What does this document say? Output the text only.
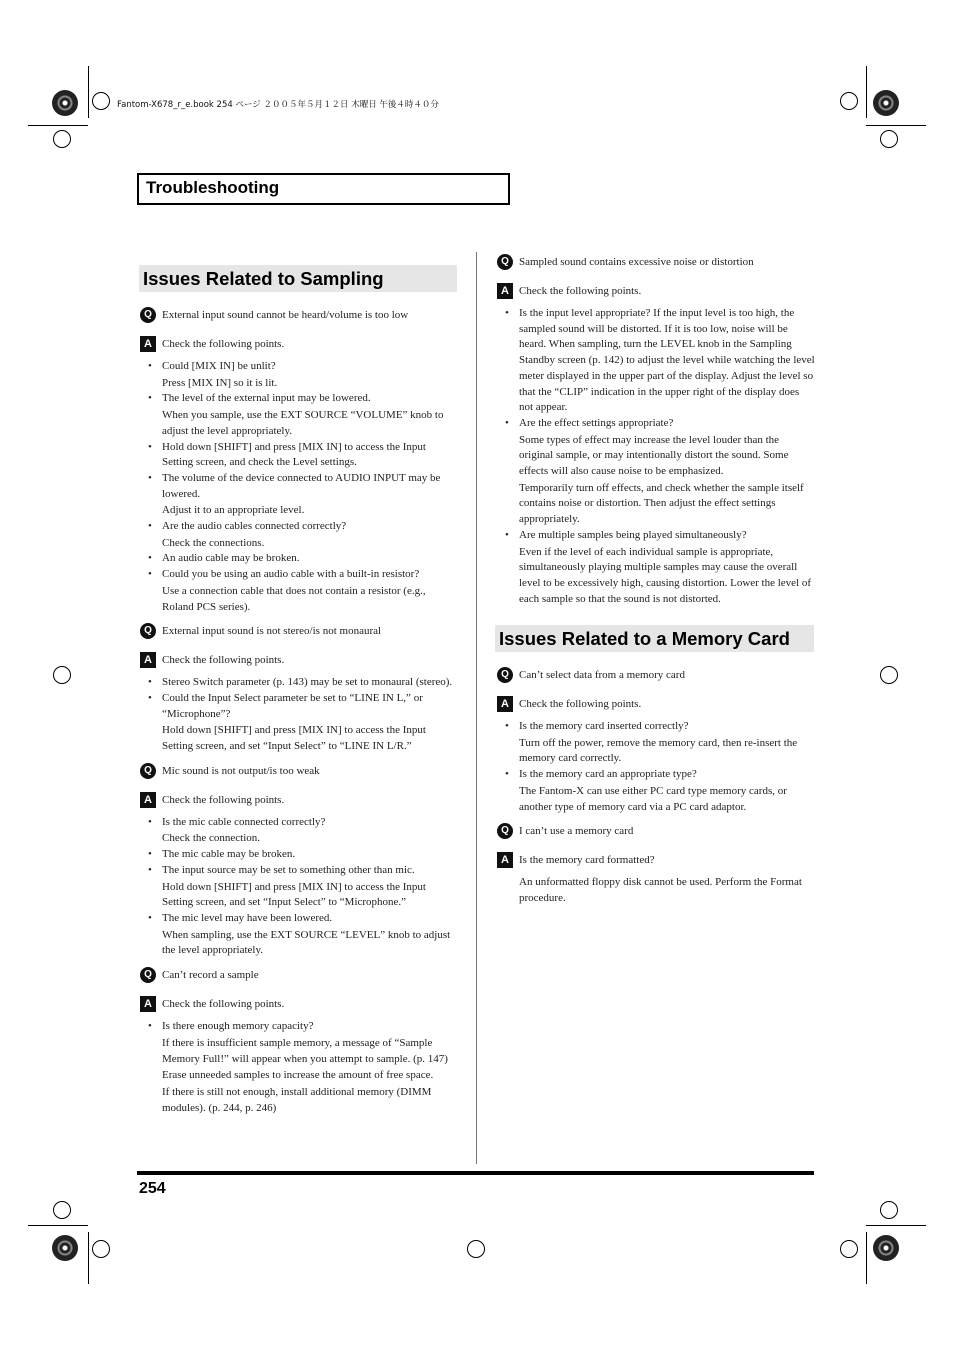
Fantom-X678_r_e.book 254 ページ ２００５年５月１２日 木曜日 午後４時４０分
Troubleshooting
Issues Related to Sampling
Q External input sound cannot be heard/volume is too low
A Check the following points.
• Could [MIX IN] be unlit?
Press [MIX IN] so it is lit.
• The level of the external input may be lowered.
When you sample, use the EXT SOURCE “VOLUME” knob to adjust the level appropriately.
• Hold down [SHIFT] and press [MIX IN] to access the Input Setting screen, and check the Level settings.
• The volume of the device connected to AUDIO INPUT may be lowered.
Adjust it to an appropriate level.
• Are the audio cables connected correctly?
Check the connections.
• An audio cable may be broken.
• Could you be using an audio cable with a built-in resistor?
Use a connection cable that does not contain a resistor (e.g., Roland PCS series).
Q External input sound is not stereo/is not monaural
A Check the following points.
• Stereo Switch parameter (p. 143) may be set to monaural (stereo).
• Could the Input Select parameter be set to “LINE IN L,” or “Microphone”?
Hold down [SHIFT] and press [MIX IN] to access the Input Setting screen, and set “Input Select” to “LINE IN L/R.”
Q Mic sound is not output/is too weak
A Check the following points.
• Is the mic cable connected correctly?
Check the connection.
• The mic cable may be broken.
• The input source may be set to something other than mic.
Hold down [SHIFT] and press [MIX IN] to access the Input Setting screen, and set “Input Select” to “Microphone.”
• The mic level may have been lowered.
When sampling, use the EXT SOURCE “LEVEL” knob to adjust the level appropriately.
Q Can’t record a sample
A Check the following points.
• Is there enough memory capacity?
If there is insufficient sample memory, a message of “Sample Memory Full!” will appear when you attempt to sample. (p. 147)
Erase unneeded samples to increase the amount of free space.
If there is still not enough, install additional memory (DIMM modules). (p. 244, p. 246)
Q Sampled sound contains excessive noise or distortion
A Check the following points.
• Is the input level appropriate? If the input level is too high, the sampled sound will be distorted. If it is too low, noise will be heard. When sampling, turn the LEVEL knob in the Sampling Standby screen (p. 142) to adjust the level while watching the level meter displayed in the upper part of the display. Adjust the level so that the “CLIP” indication in the upper right of the display does not appear.
• Are the effect settings appropriate?
Some types of effect may increase the level louder than the original sample, or may intentionally distort the sound. Some effects will also cause noise to be emphasized.
Temporarily turn off effects, and check whether the sample itself contains noise or distortion. Then adjust the effect settings appropriately.
• Are multiple samples being played simultaneously?
Even if the level of each individual sample is appropriate, simultaneously playing multiple samples may cause the overall level to be excessively high, causing distortion. Lower the level of each sample so that the sound is not distorted.
Issues Related to a Memory Card
Q Can’t select data from a memory card
A Check the following points.
• Is the memory card inserted correctly?
Turn off the power, remove the memory card, then re-insert the memory card correctly.
• Is the memory card an appropriate type?
The Fantom-X can use either PC card type memory cards, or another type of memory card via a PC card adaptor.
Q I can’t use a memory card
A Is the memory card formatted?
An unformatted floppy disk cannot be used. Perform the Format procedure.
254
